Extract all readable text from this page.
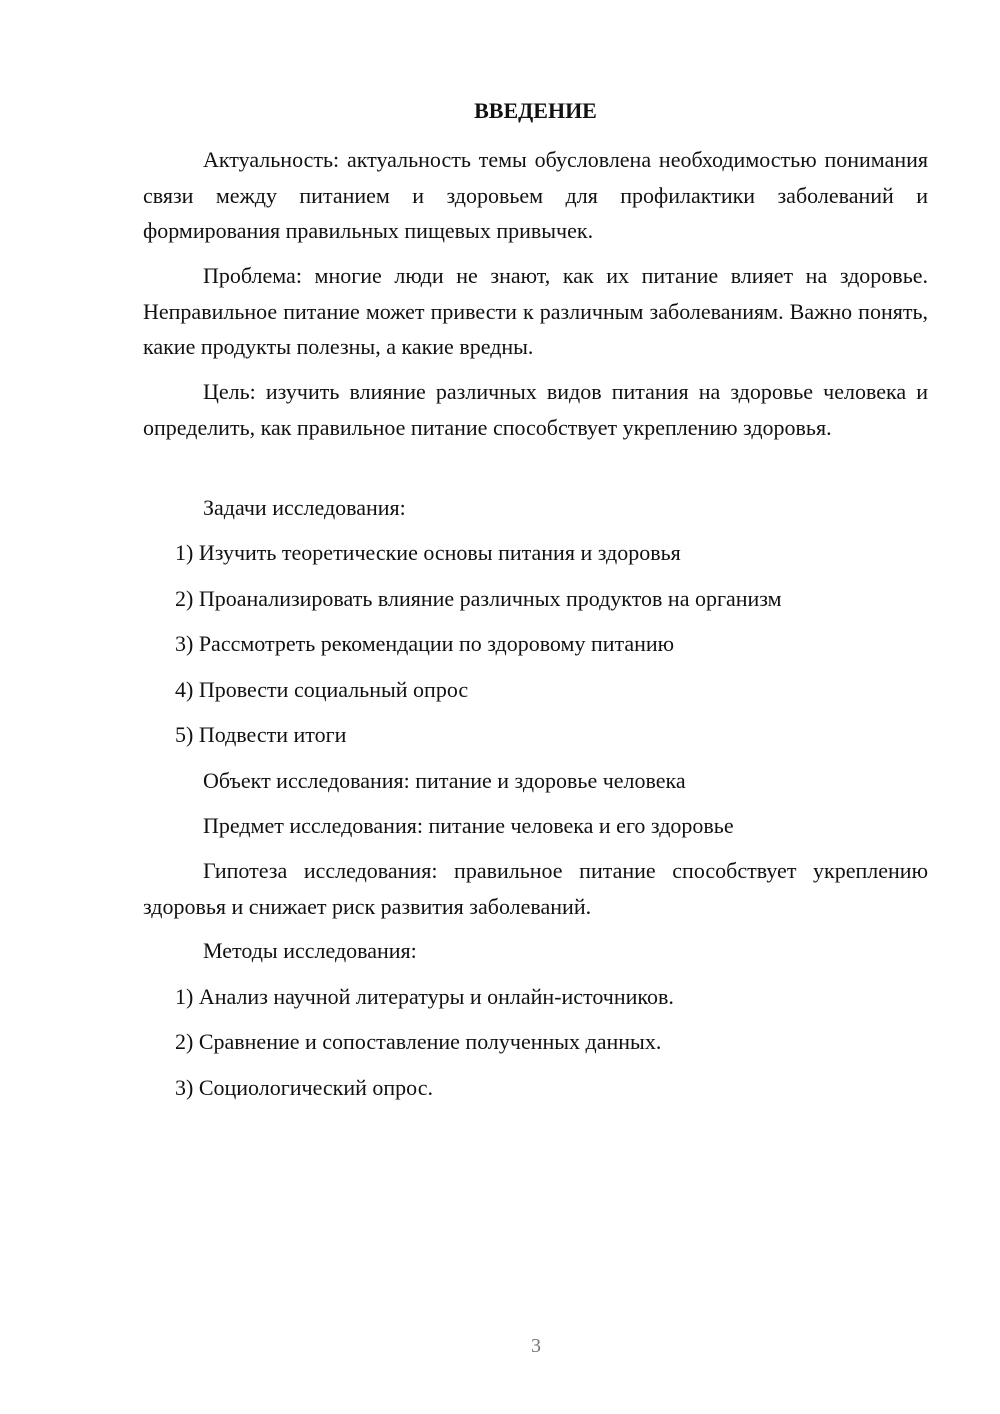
ВВЕДЕНИЕ
Актуальность: актуальность темы обусловлена необходимостью понимания связи между питанием и здоровьем для профилактики заболеваний и формирования правильных пищевых привычек.
Проблема: многие люди не знают, как их питание влияет на здоровье. Неправильное питание может привести к различным заболеваниям. Важно понять, какие продукты полезны, а какие вредны.
Цель: изучить влияние различных видов питания на здоровье человека и определить, как правильное питание способствует укреплению здоровья.
Задачи исследования:
1) Изучить теоретические основы питания и здоровья
2) Проанализировать влияние различных продуктов на организм
3) Рассмотреть рекомендации по здоровому питанию
4) Провести социальный опрос
5) Подвести итоги
Объект исследования: питание и здоровье человека
Предмет исследования: питание человека и его здоровье
Гипотеза исследования: правильное питание способствует укреплению здоровья и снижает риск развития заболеваний.
Методы исследования:
1) Анализ научной литературы и онлайн-источников.
2) Сравнение и сопоставление полученных данных.
3) Социологический опрос.
3
